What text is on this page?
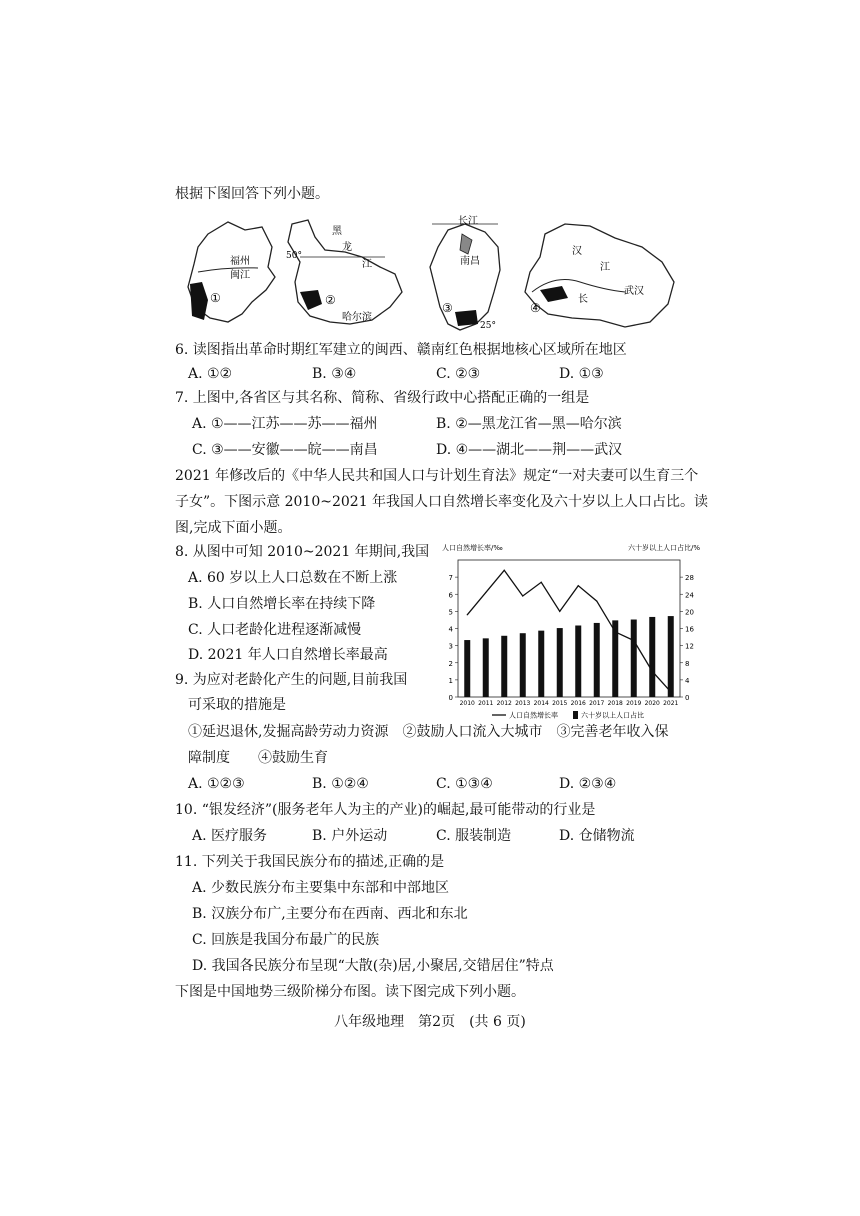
根据下图回答下列小题。
福州
闽江
①
黑
龙
江
50°
②
哈尔滨
长江
南昌
③
25°
汉
江
长
武汉
④
6. 读图指出革命时期红军建立的闽西、赣南红色根据地核心区域所在地区
A. ①②	B. ③④	C. ②③	D. ①③
7. 上图中,各省区与其名称、简称、省级行政中心搭配正确的一组是
A. ①——江苏——苏——福州	B. ②—黑龙江省—黑—哈尔滨
C. ③——安徽——皖——南昌	D. ④——湖北——荆——武汉
2021 年修改后的《中华人民共和国人口与计划生育法》规定“一对夫妻可以生育三个
子女”。下图示意 2010~2021 年我国人口自然增长率变化及六十岁以上人口占比。读
图,完成下面小题。
8. 从图中可知 2010~2021 年期间,我国
A. 60 岁以上人口总数在不断上涨
B. 人口自然增长率在持续下降
C. 人口老龄化进程逐渐减慢
D. 2021 年人口自然增长率最高
人口自然增长率/‰	六十岁以上人口占比/%
0
1
2
3
4
5
6
7
0
4
8
12
16
20
24
28
2010 2011 2012 2013 2014 2015 2016 2017 2018 2019 2020 2021
人口自然增长率	六十岁以上人口占比
9. 为应对老龄化产生的问题,目前我国
可采取的措施是
①延迟退休,发掘高龄劳动力资源　②鼓励人口流入大城市　③完善老年收入保
障制度　　④鼓励生育
A. ①②③	B. ①②④	C. ①③④	D. ②③④
10. “银发经济”(服务老年人为主的产业)的崛起,最可能带动的行业是
A. 医疗服务	B. 户外运动	C. 服装制造	D. 仓储物流
11. 下列关于我国民族分布的描述,正确的是
A. 少数民族分布主要集中东部和中部地区
B. 汉族分布广,主要分布在西南、西北和东北
C. 回族是我国分布最广的民族
D. 我国各民族分布呈现“大散(杂)居,小聚居,交错居住”特点
下图是中国地势三级阶梯分布图。读下图完成下列小题。
八年级地理　第2页　(共 6 页)
